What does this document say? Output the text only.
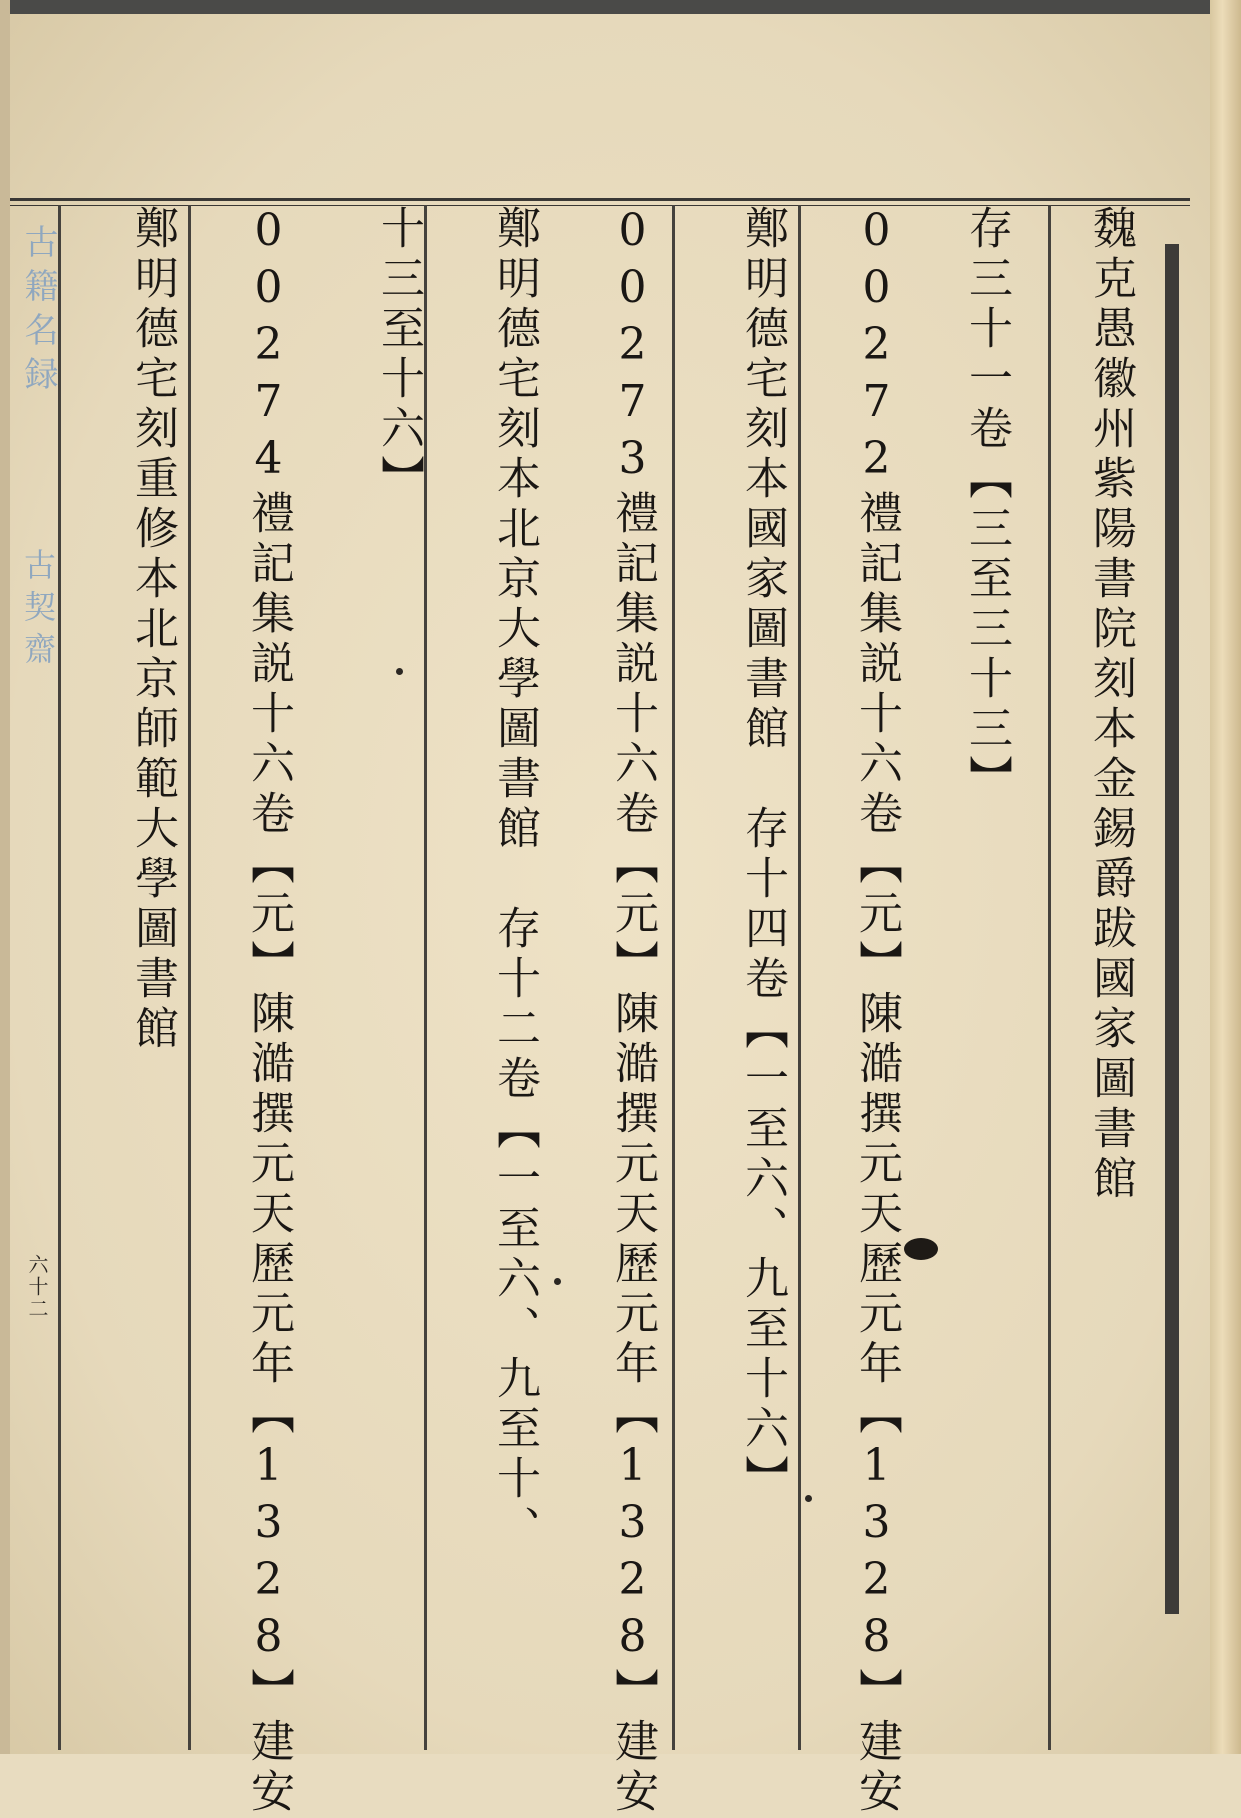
古籍名録
古契齋
六十二
魏克愚徽州紫陽書院刻本金錫爵跋國家圖書館
存三十一卷【三至三十三】
00272禮記集説十六卷【元】陳澔撰元天歷元年【1328】建安
鄭明德宅刻本國家圖書館　存十四卷【一至六、九至十六】
00273禮記集説十六卷【元】陳澔撰元天歷元年【1328】建安
鄭明德宅刻本北京大學圖書館　存十二卷【一至六、九至十、
十三至十六】
00274禮記集説十六卷【元】陳澔撰元天歷元年【1328】建安
鄭明德宅刻重修本北京師範大學圖書館
